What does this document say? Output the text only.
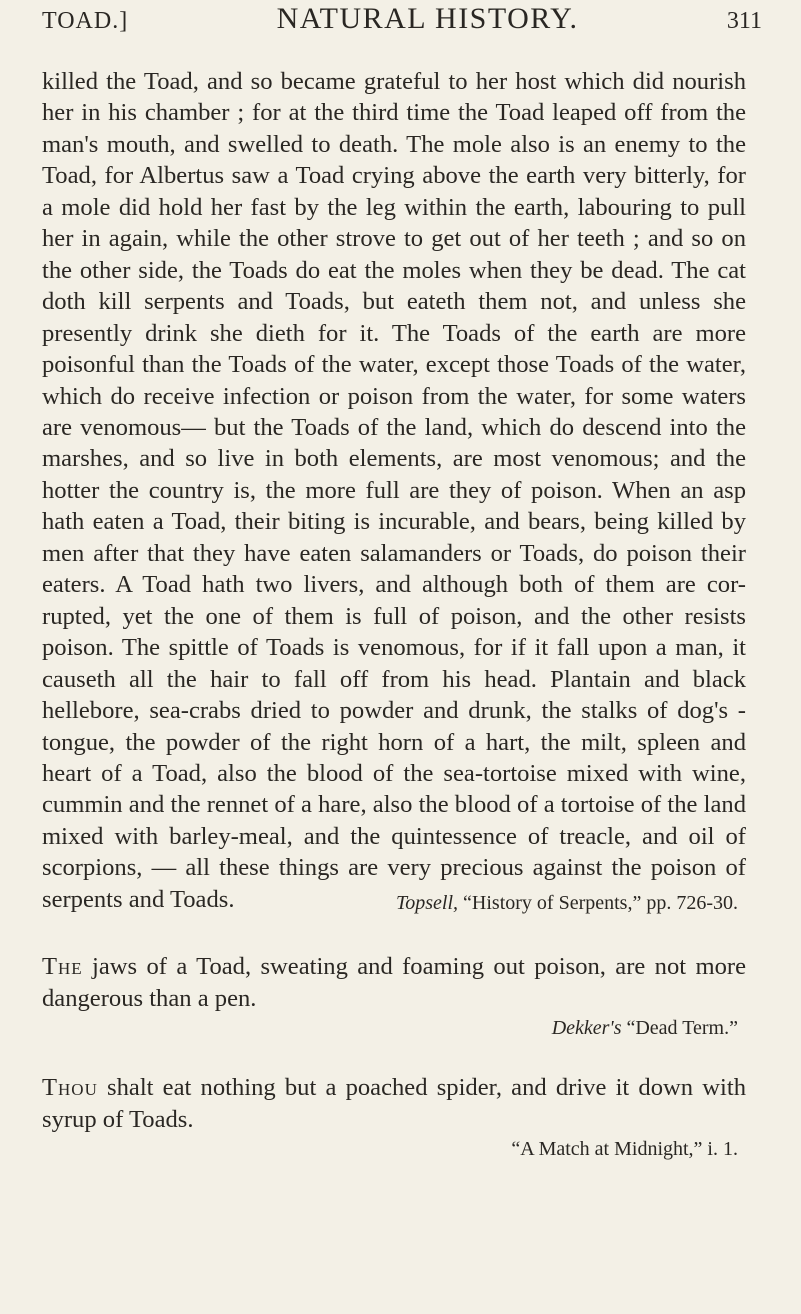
TOAD.]	NATURAL HISTORY.	311

killed the Toad, and so became grateful to her host which did nourish her in his chamber ; for at the third time the Toad leaped off from the man's mouth, and swelled to death. The mole also is an enemy to the Toad, for Albertus saw a Toad crying above the earth very bitterly, for a mole did hold her fast by the leg within the earth, labouring to pull her in again, while the other strove to get out of her teeth ; and so on the other side, the Toads do eat the moles when they be dead. The cat doth kill serpents and Toads, but eateth them not, and unless she presently drink she dieth for it. The Toads of the earth are more poisonful than the Toads of the water, except those Toads of the water, which do receive infection or poison from the water, for some waters are venomous— but the Toads of the land, which do descend into the marshes, and so live in both elements, are most venomous; and the hotter the country is, the more full are they of poison. When an asp hath eaten a Toad, their biting is incurable, and bears, being killed by men after that they have eaten salamanders or Toads, do poison their eaters. A Toad hath two livers, and although both of them are cor- rupted, yet the one of them is full of poison, and the other resists poison. The spittle of Toads is venomous, for if it fall upon a man, it causeth all the hair to fall off from his head. Plantain and black hellebore, sea-crabs dried to powder and drunk, the stalks of dog's - tongue, the powder of the right horn of a hart, the milt, spleen and heart of a Toad, also the blood of the sea-tortoise mixed with wine, cummin and the rennet of a hare, also the blood of a tortoise of the land mixed with barley-meal, and the quintessence of treacle, and oil of scorpions, — all these things are very precious against the poison of serpents and Toads.	Topsell, “History of Serpents,” pp. 726-30.

The jaws of a Toad, sweating and foaming out poison, are not more dangerous than a pen.

Dekker's “Dead Term.”

Thou shalt eat nothing but a poached spider, and drive it down with syrup of Toads.

“A Match at Midnight,” i. 1.
